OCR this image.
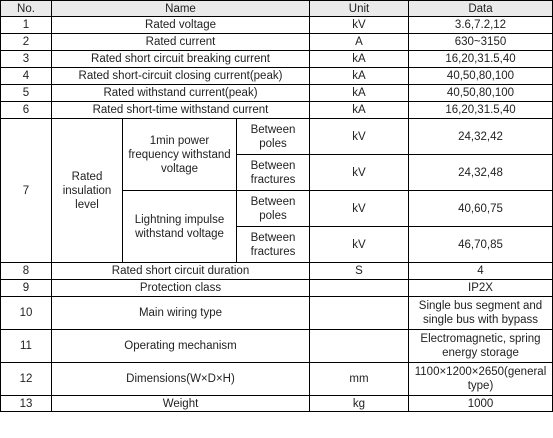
No.	Name			Unit	Data
1	Rated voltage			kV	3.6,7.2,12
2	Rated current			A	630~3150
3	Rated short circuit breaking current			kA	16,20,31.5,40
4	Rated short-circuit closing current(peak)			kA	40,50,80,100
5	Rated withstand current(peak)			kA	40,50,80,100
6	Rated short-time withstand current			kA	16,20,31.5,40
7	Rated insulation level	1min power frequency withstand voltage	Between poles	kV	24,32,42
			Between fractures	kV	24,32,48
		Lightning impulse withstand voltage	Between poles	kV	40,60,75
			Between fractures	kV	46,70,85
8	Rated short circuit duration			S	4
9	Protection class				IP2X
10	Main wiring type				Single bus segment and single bus with bypass
11	Operating mechanism				Electromagnetic, spring energy storage
12	Dimensions(W×D×H)			mm	1100×1200×2650(general type)
13	Weight			kg	1000
